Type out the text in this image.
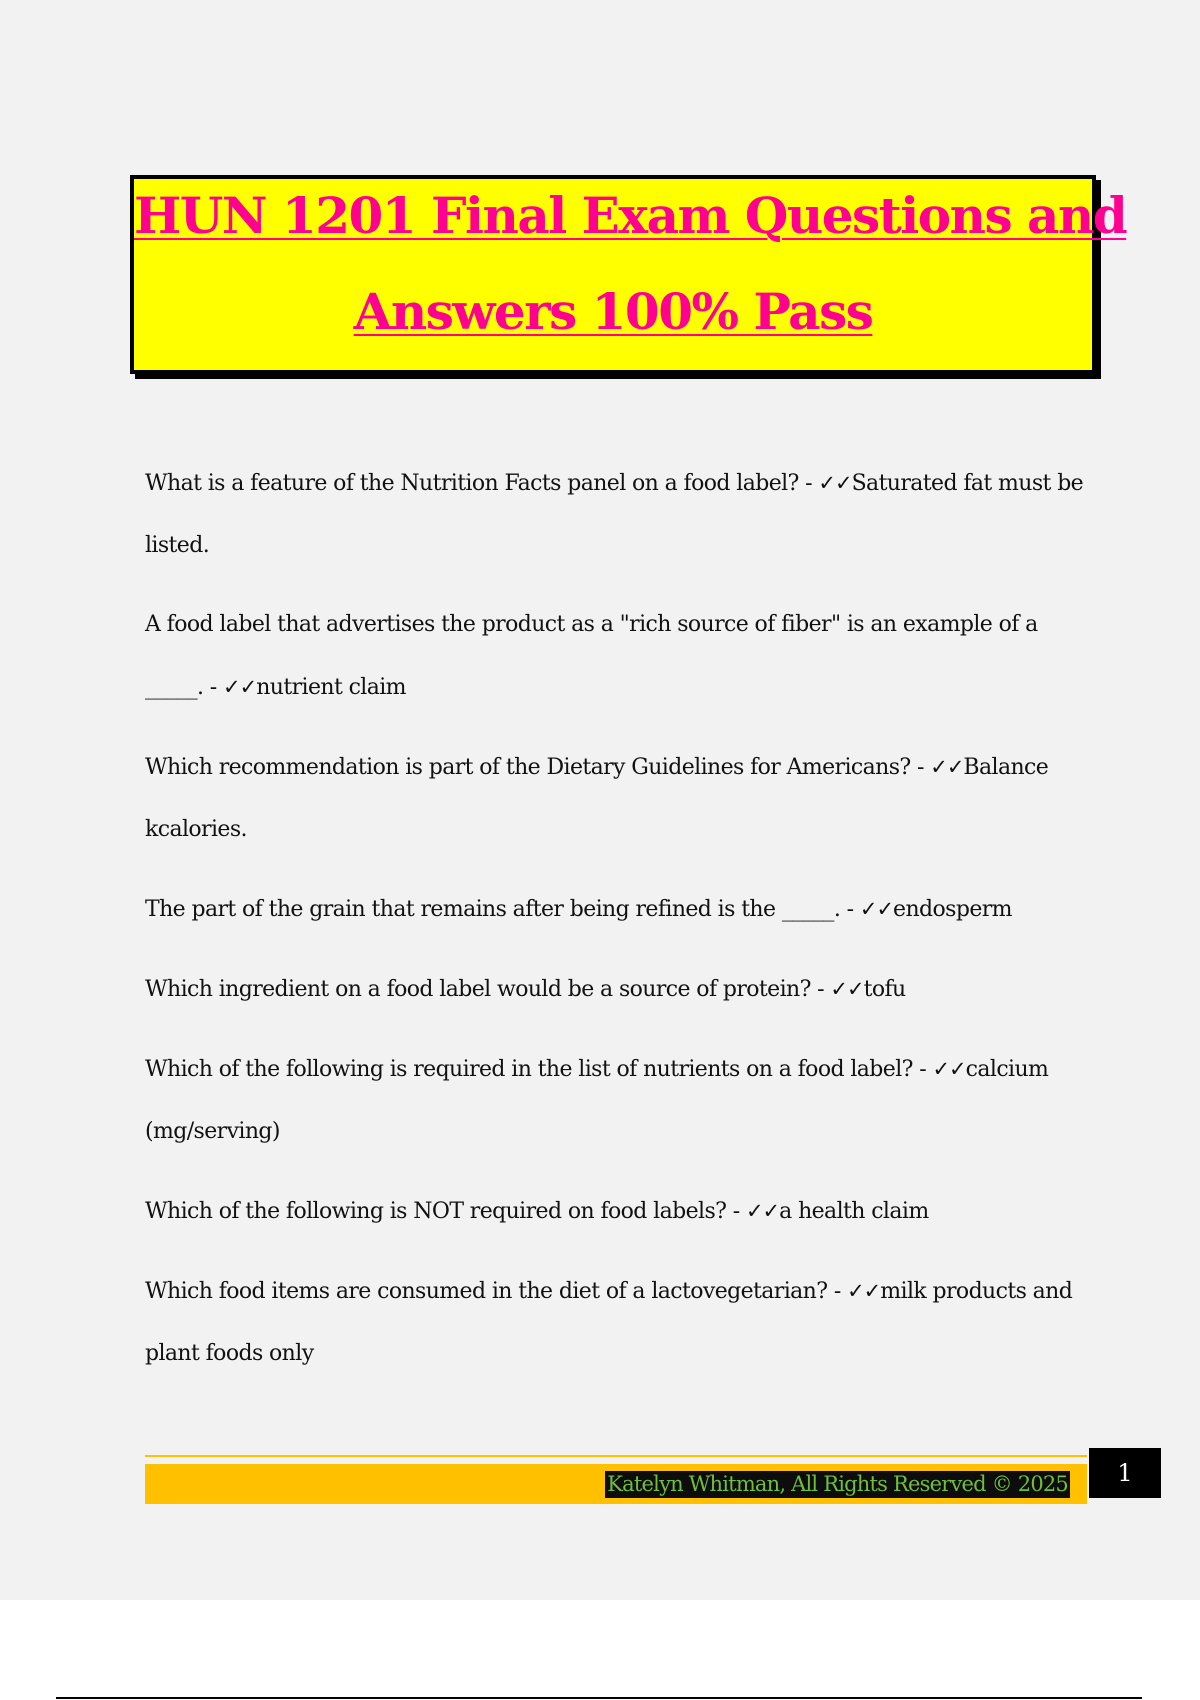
HUN 1201 Final Exam Questions and
Answers 100% Pass

What is a feature of the Nutrition Facts panel on a food label? - ✓✓Saturated fat must be listed.

A food label that advertises the product as a "rich source of fiber" is an example of a _____. - ✓✓nutrient claim

Which recommendation is part of the Dietary Guidelines for Americans? - ✓✓Balance kcalories.

The part of the grain that remains after being refined is the _____. - ✓✓endosperm

Which ingredient on a food label would be a source of protein? - ✓✓tofu

Which of the following is required in the list of nutrients on a food label? - ✓✓calcium (mg/serving)

Which of the following is NOT required on food labels? - ✓✓a health claim

Which food items are consumed in the diet of a lactovegetarian? - ✓✓milk products and plant foods only

Katelyn Whitman, All Rights Reserved © 2025	1
